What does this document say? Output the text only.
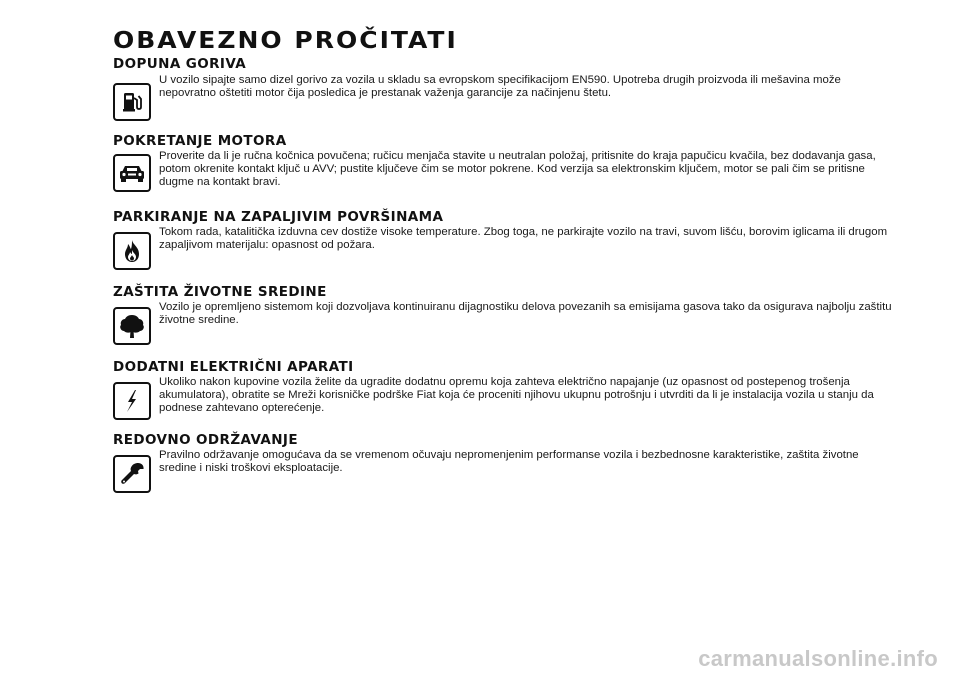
OBAVEZNO PROČITATI
DOPUNA GORIVA
U vozilo sipajte samo dizel gorivo za vozila u skladu sa evropskom specifikacijom EN590. Upotreba drugih proizvoda ili mešavina može nepovratno oštetiti motor čija posledica je prestanak važenja garancije za načinjenu štetu.
POKRETANJE MOTORA
Proverite da li je ručna kočnica povučena; ručicu menjača stavite u neutralan položaj, pritisnite do kraja papučicu kvačila, bez dodavanja gasa, potom okrenite kontakt ključ u AVV; pustite ključeve čim se motor pokrene. Kod verzija sa elektronskim ključem, motor se pali čim se pritisne dugme na kontakt bravi.
PARKIRANJE NA ZAPALJIVIM POVRŠINAMA
Tokom rada, katalitička izduvna cev dostiže visoke temperature. Zbog toga, ne parkirajte vozilo na travi, suvom lišću, borovim iglicama ili drugom zapaljivom materijalu: opasnost od požara.
ZAŠTITA ŽIVOTNE SREDINE
Vozilo je opremljeno sistemom koji dozvoljava kontinuiranu dijagnostiku delova povezanih sa emisijama gasova tako da osigurava najbolju zaštitu životne sredine.
DODATNI ELEKTRIČNI APARATI
Ukoliko nakon kupovine vozila želite da ugradite dodatnu opremu koja zahteva električno napajanje (uz opasnost od postepenog trošenja akumulatora), obratite se Mreži korisničke podrške Fiat koja će proceniti njihovu ukupnu potrošnju i utvrditi da li je instalacija vozila u stanju da podnese zahtevano opterećenje.
REDOVNO ODRŽAVANJE
Pravilno održavanje omogućava da se vremenom očuvaju nepromenjenim performanse vozila i bezbednosne karakteristike, zaštita životne sredine i niski troškovi eksploatacije.
carmanualsonline.info
